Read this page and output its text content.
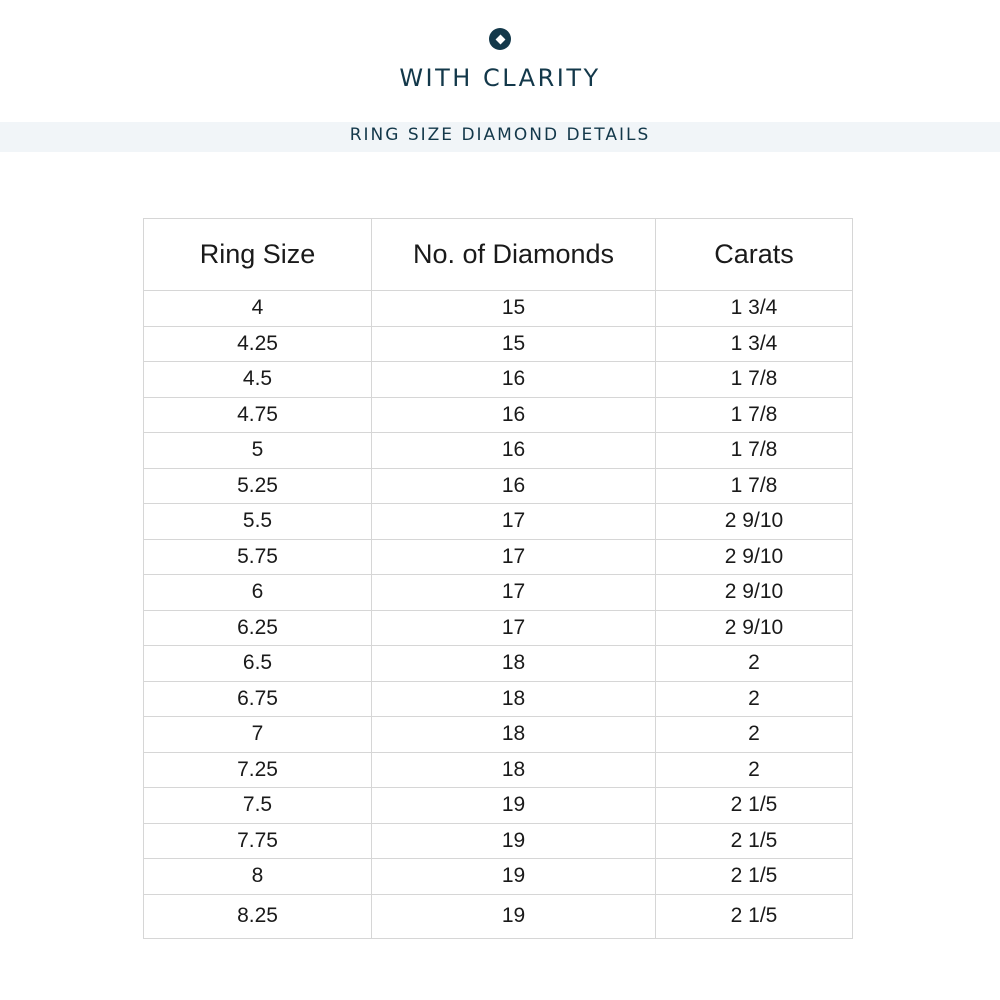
WITH CLARITY
RING SIZE DIAMOND DETAILS
Ring Size	No. of Diamonds	Carats
4	15	1 3/4
4.25	15	1 3/4
4.5	16	1 7/8
4.75	16	1 7/8
5	16	1 7/8
5.25	16	1 7/8
5.5	17	2 9/10
5.75	17	2 9/10
6	17	2 9/10
6.25	17	2 9/10
6.5	18	2
6.75	18	2
7	18	2
7.25	18	2
7.5	19	2 1/5
7.75	19	2 1/5
8	19	2 1/5
8.25	19	2 1/5
